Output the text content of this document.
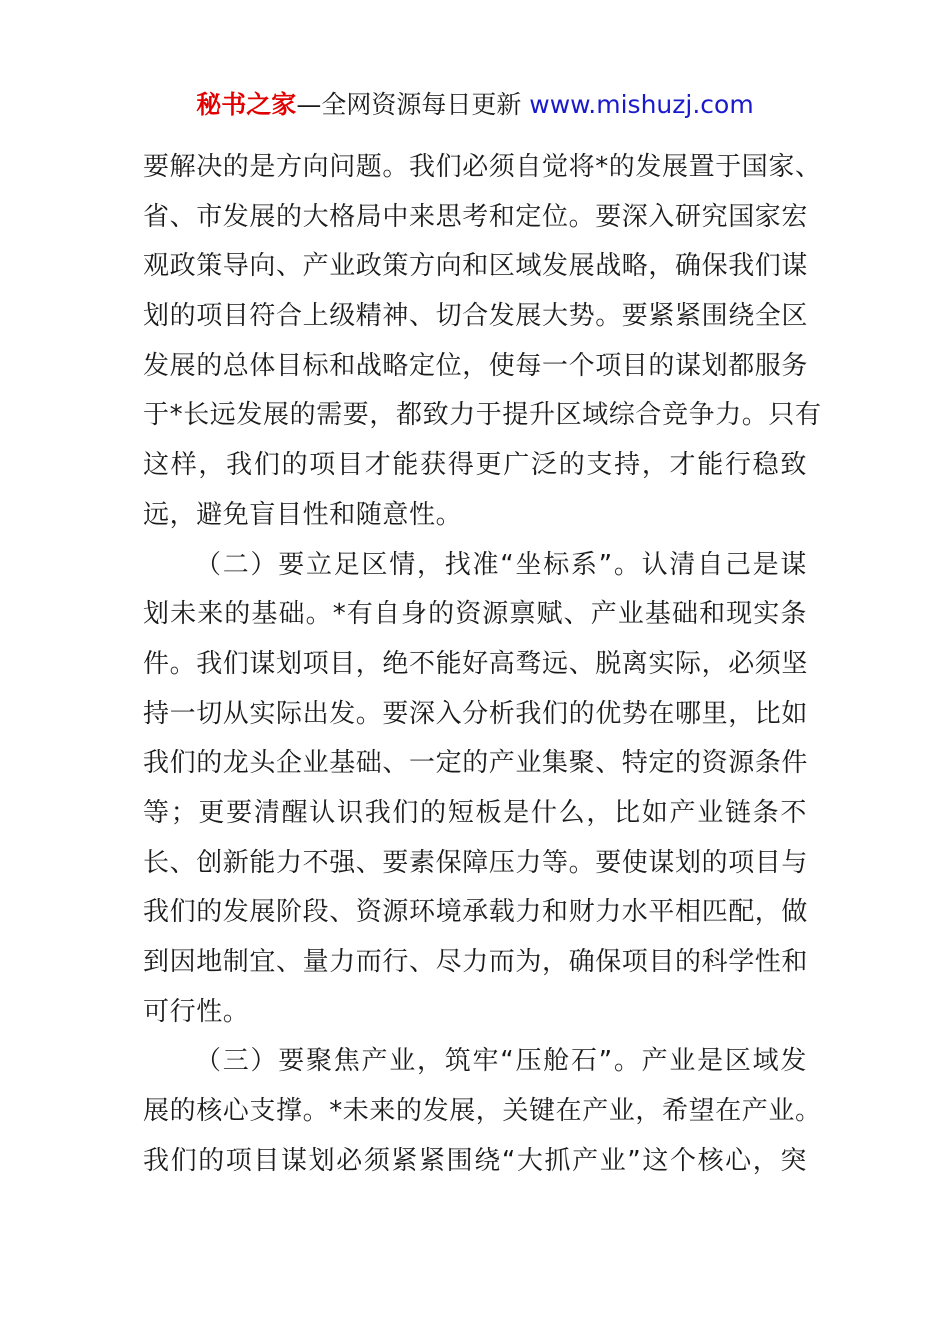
秘书之家—全网资源每日更新 www.mishuzj.com
要解决的是方向问题。我们必须自觉将*的发展置于国家、
省、市发展的大格局中来思考和定位。要深入研究国家宏
观政策导向、产业政策方向和区域发展战略，确保我们谋
划的项目符合上级精神、切合发展大势。要紧紧围绕全区
发展的总体目标和战略定位，使每一个项目的谋划都服务
于*长远发展的需要，都致力于提升区域综合竞争力。只有
这样，我们的项目才能获得更广泛的支持，才能行稳致
远，避免盲目性和随意性。
（二）要立足区情，找准“坐标系”。认清自己是谋
划未来的基础。*有自身的资源禀赋、产业基础和现实条
件。我们谋划项目，绝不能好高骛远、脱离实际，必须坚
持一切从实际出发。要深入分析我们的优势在哪里，比如
我们的龙头企业基础、一定的产业集聚、特定的资源条件
等；更要清醒认识我们的短板是什么，比如产业链条不
长、创新能力不强、要素保障压力等。要使谋划的项目与
我们的发展阶段、资源环境承载力和财力水平相匹配，做
到因地制宜、量力而行、尽力而为，确保项目的科学性和
可行性。
（三）要聚焦产业，筑牢“压舱石”。产业是区域发
展的核心支撑。*未来的发展，关键在产业，希望在产业。
我们的项目谋划必须紧紧围绕“大抓产业”这个核心，突
